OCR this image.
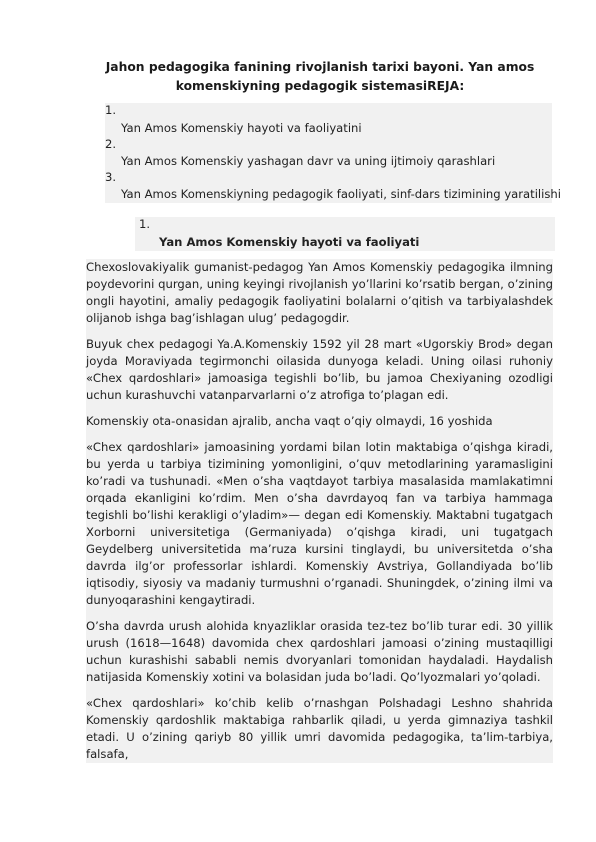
Jahon pedagogika fanining rivojlanish tarixi bayoni. Yan amos komenskiyning pedagogik sistemasiREJA:
1.
Yan Amos Komenskiy hayoti va faoliyatini
2.
Yan Amos Komenskiy yashagan davr va uning ijtimoiy qarashlari
3.
Yan Amos Komenskiyning pedagogik faoliyati, sinf-dars tizimining yaratilishi
1.
Yan Amos Komenskiy hayoti va faoliyati

Chexoslovakiyalik gumanist-pedagog Yan Amos Komenskiy pedagogika ilmning poydevorini qurgan, uning keyingi rivojlanish yo’llarini ko’rsatib bergan, o’zining ongli hayotini, amaliy pedagogik faoliyatini bolalarni o’qitish va tarbiyalashdek olijanob ishga bag’ishlagan ulug’ pedagogdir.

Buyuk chex pedagogi Ya.A.Komenskiy 1592 yil 28 mart «Ugorskiy Brod» degan joyda Moraviyada tegirmonchi oilasida dunyoga keladi. Uning oilasi ruhoniy «Chex qardoshlari» jamoasiga tegishli bo’lib, bu jamoa Chexiyaning ozodligi uchun kurashuvchi vatanparvarlarni o’z atrofiga to’plagan edi.

Komenskiy ota-onasidan ajralib, ancha vaqt o’qiy olmaydi, 16 yoshida

«Chex qardoshlari» jamoasining yordami bilan lotin maktabiga o’qishga kiradi, bu yerda u tarbiya tizimining yomonligini, o’quv metodlarining yaramasligini ko’radi va tushunadi. «Men o’sha vaqtdayot tarbiya masalasida mamlakatimni orqada ekanligini ko’rdim. Men o’sha davrdayoq fan va tarbiya hammaga tegishli bo’lishi kerakligi o’yladim»— degan edi Komenskiy. Maktabni tugatgach Xorborni universitetiga (Germaniyada) o’qishga kiradi, uni tugatgach Geydelberg universitetida ma’ruza kursini tinglaydi, bu universitetda o’sha davrda ilg’or professorlar ishlardi. Komenskiy Avstriya, Gollandiyada bo’lib iqtisodiy, siyosiy va madaniy turmushni o’rganadi. Shuningdek, o’zining ilmi va dunyoqarashini kengaytiradi.

O’sha davrda urush alohida knyazliklar orasida tez-tez bo’lib turar edi. 30 yillik urush (1618—1648) davomida chex qardoshlari jamoasi o’zining mustaqilligi uchun kurashishi sababli nemis dvoryanlari tomonidan haydaladi. Haydalish natijasida Komenskiy xotini va bolasidan juda bo’ladi. Qo’lyozmalari yo’qoladi.

«Chex qardoshlari» ko’chib kelib o’rnashgan Polshadagi Leshno shahrida Komenskiy qardoshlik maktabiga rahbarlik qiladi, u yerda gimnaziya tashkil etadi. U o’zining qariyb 80 yillik umri davomida pedagogika, ta’lim-tarbiya, falsafa,
